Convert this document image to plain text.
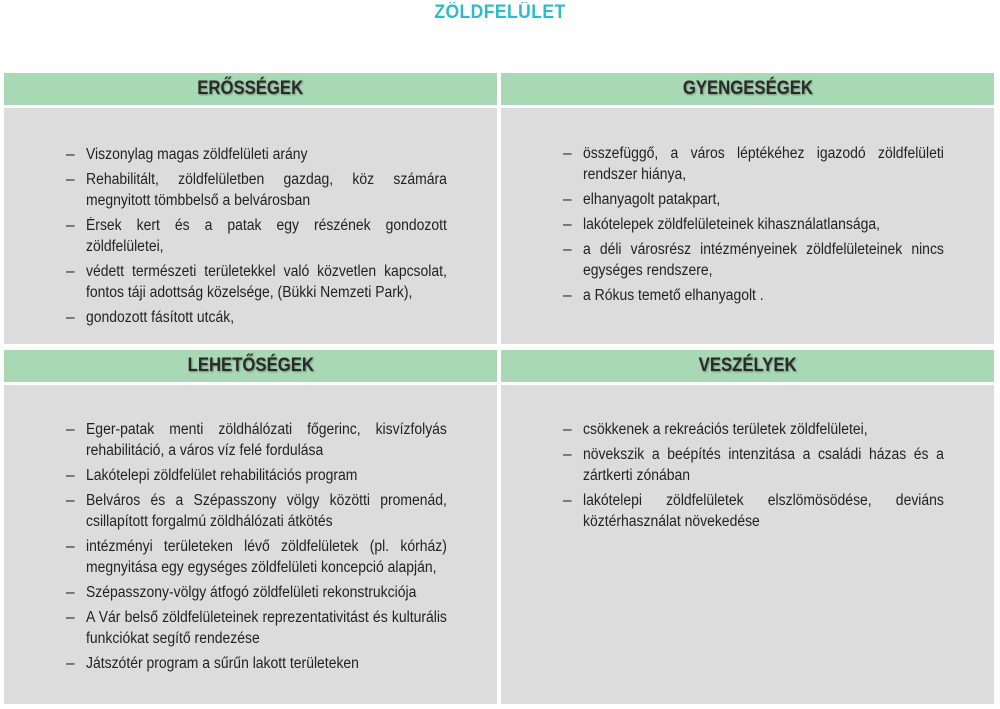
ZÖLDFELÜLET
ERŐSSÉGEK
– Viszonylag magas zöldfelületi arány
– Rehabilitált, zöldfelületben gazdag, köz számára megnyitott tömbbelső a belvárosban
– Érsek kert és a patak egy részének gondozott zöldfelületei,
– védett természeti területekkel való közvetlen kapcsolat, fontos táji adottság közelsége, (Bükki Nemzeti Park),
– gondozott fásított utcák,
GYENGESÉGEK
– összefüggő, a város léptékéhez igazodó zöldfelületi rendszer hiánya,
– elhanyagolt patakpart,
– lakótelepek zöldfelületeinek kihasználatlansága,
– a déli városrész intézményeinek zöldfelületeinek nincs egységes rendszere,
– a Rókus temető elhanyagolt .
LEHETŐSÉGEK
– Eger-patak menti zöldhálózati főgerinc, kisvízfolyás rehabilitáció, a város víz felé fordulása
– Lakótelepi zöldfelület rehabilitációs program
– Belváros és a Szépasszony völgy közötti promenád, csillapított forgalmú zöldhálózati átkötés
– intézményi területeken lévő zöldfelületek (pl. kórház) megnyitása egy egységes zöldfelületi koncepció alapján,
– Szépasszony-völgy átfogó zöldfelületi rekonstrukciója
– A Vár belső zöldfelületeinek reprezentativitást és kulturális funkciókat segítő rendezése
– Játszótér program a sűrűn lakott területeken
VESZÉLYEK
– csökkenek a rekreációs területek zöldfelületei,
– növekszik a beépítés intenzitása a családi házas és a zártkerti zónában
– lakótelepi zöldfelületek elszlömösödése, deviáns köztérhasználat növekedése
